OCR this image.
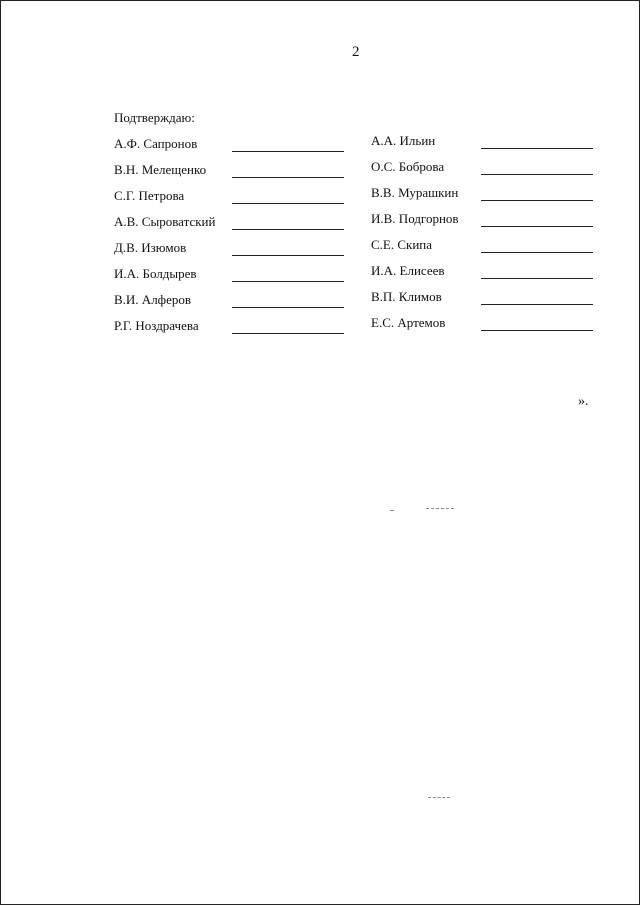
2
Подтверждаю:
А.Ф. Сапронов
В.Н. Мелещенко
С.Г. Петрова
А.В. Сыроватский
Д.В. Изюмов
И.А. Болдырев
В.И. Алферов
Р.Г. Ноздрачева
А.А. Ильин
О.С. Боброва
В.В. Мурашкин
И.В. Подгорнов
С.Е. Скипа
И.А. Елисеев
В.П. Климов
Е.С. Артемов
».
